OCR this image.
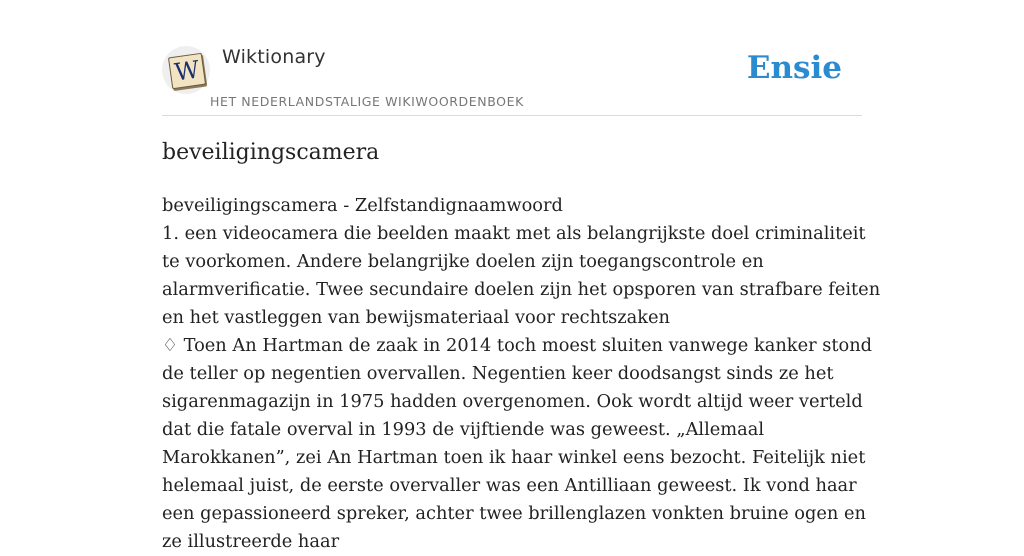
W Wiktionary
HET NEDERLANDSTALIGE WIKIWOORDENBOEK
Ensie
beveiligingscamera

beveiligingscamera - Zelfstandignaamwoord

1. een videocamera die beelden maakt met als belangrijkste doel criminaliteit te voorkomen. Andere belangrijke doelen zijn toegangscontrole en alarmverificatie. Twee secundaire doelen zijn het opsporen van strafbare feiten en het vastleggen van bewijsmateriaal voor rechtszaken

♢ Toen An Hartman de zaak in 2014 toch moest sluiten vanwege kanker stond de teller op negentien overvallen. Negentien keer doodsangst sinds ze het sigarenmagazijn in 1975 hadden overgenomen. Ook wordt altijd weer verteld dat die fatale overval in 1993 de vijftiende was geweest. „Allemaal Marokkanen”, zei An Hartman toen ik haar winkel eens bezocht. Feitelijk niet helemaal juist, de eerste overvaller was een Antilliaan geweest. Ik vond haar een gepassioneerd spreker, achter twee brillenglazen vonkten bruine ogen en ze illustreerde haar
